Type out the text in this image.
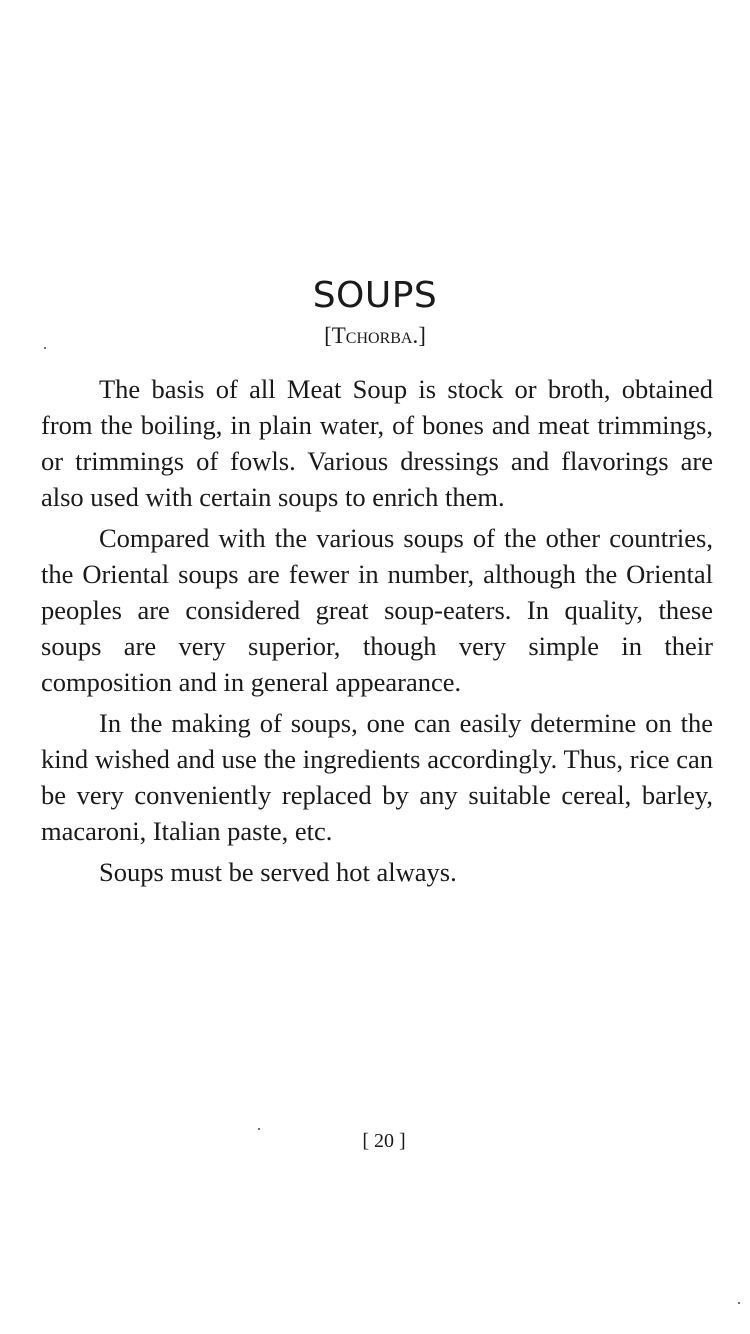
SOUPS
[Tchorba.]

The basis of all Meat Soup is stock or broth, obtained from the boiling, in plain water, of bones and meat trimmings, or trimmings of fowls. Various dressings and flavorings are also used with certain soups to enrich them.

Compared with the various soups of the other countries, the Oriental soups are fewer in number, although the Oriental peoples are considered great soup-eaters. In quality, these soups are very superior, though very simple in their composition and in general appearance.

In the making of soups, one can easily determine on the kind wished and use the ingredients accordingly. Thus, rice can be very conveniently replaced by any suitable cereal, barley, macaroni, Italian paste, etc.

Soups must be served hot always.

[ 20 ]
